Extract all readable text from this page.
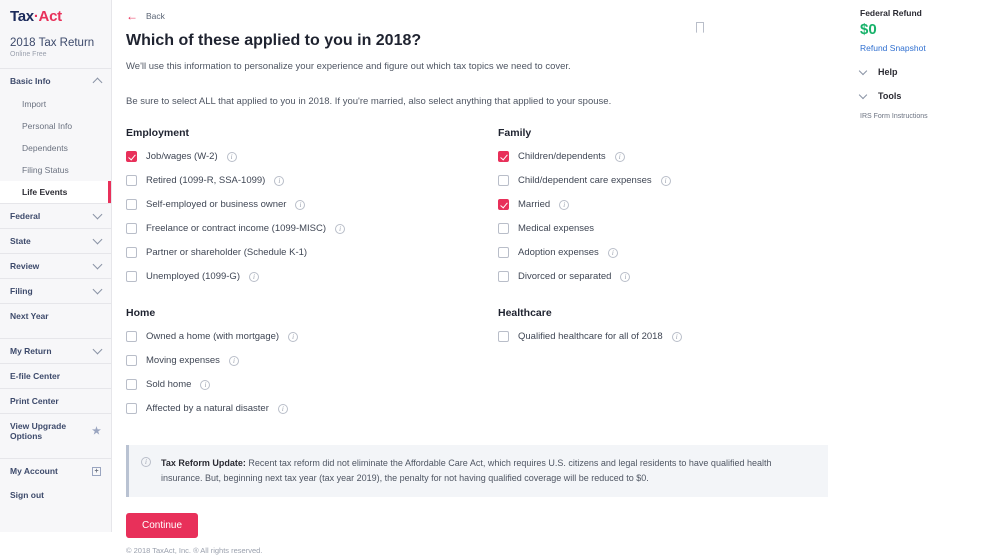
Tax·Act
2018 Tax Return
Online Free
Basic Info
Import
Personal Info
Dependents
Filing Status
Life Events
Federal
State
Review
Filing
Next Year
My Return
E-file Center
Print Center
View Upgrade Options	★
My Account	+
Sign out
← Back
Which of these applied to you in 2018?
We'll use this information to personalize your experience and figure out which tax topics we need to cover.
Be sure to select ALL that applied to you in 2018. If you're married, also select anything that applied to your spouse.
Employment
Job/wages (W-2)	i
Retired (1099-R, SSA-1099)	i
Self-employed or business owner	i
Freelance or contract income (1099-MISC)	i
Partner or shareholder (Schedule K-1)
Unemployed (1099-G)	i
Family
Children/dependents	i
Child/dependent care expenses	i
Married	i
Medical expenses
Adoption expenses	i
Divorced or separated	i
Home
Owned a home (with mortgage)	i
Moving expenses	i
Sold home	i
Affected by a natural disaster	i
Healthcare
Qualified healthcare for all of 2018	i
i	Tax Reform Update: Recent tax reform did not eliminate the Affordable Care Act, which requires U.S. citizens and legal residents to have qualified health insurance. But, beginning next tax year (tax year 2019), the penalty for not having qualified coverage will be reduced to $0.
Continue
© 2018 TaxAct, Inc. ® All rights reserved.
Federal Refund
$0
Refund Snapshot
Help
Tools
IRS Form Instructions
